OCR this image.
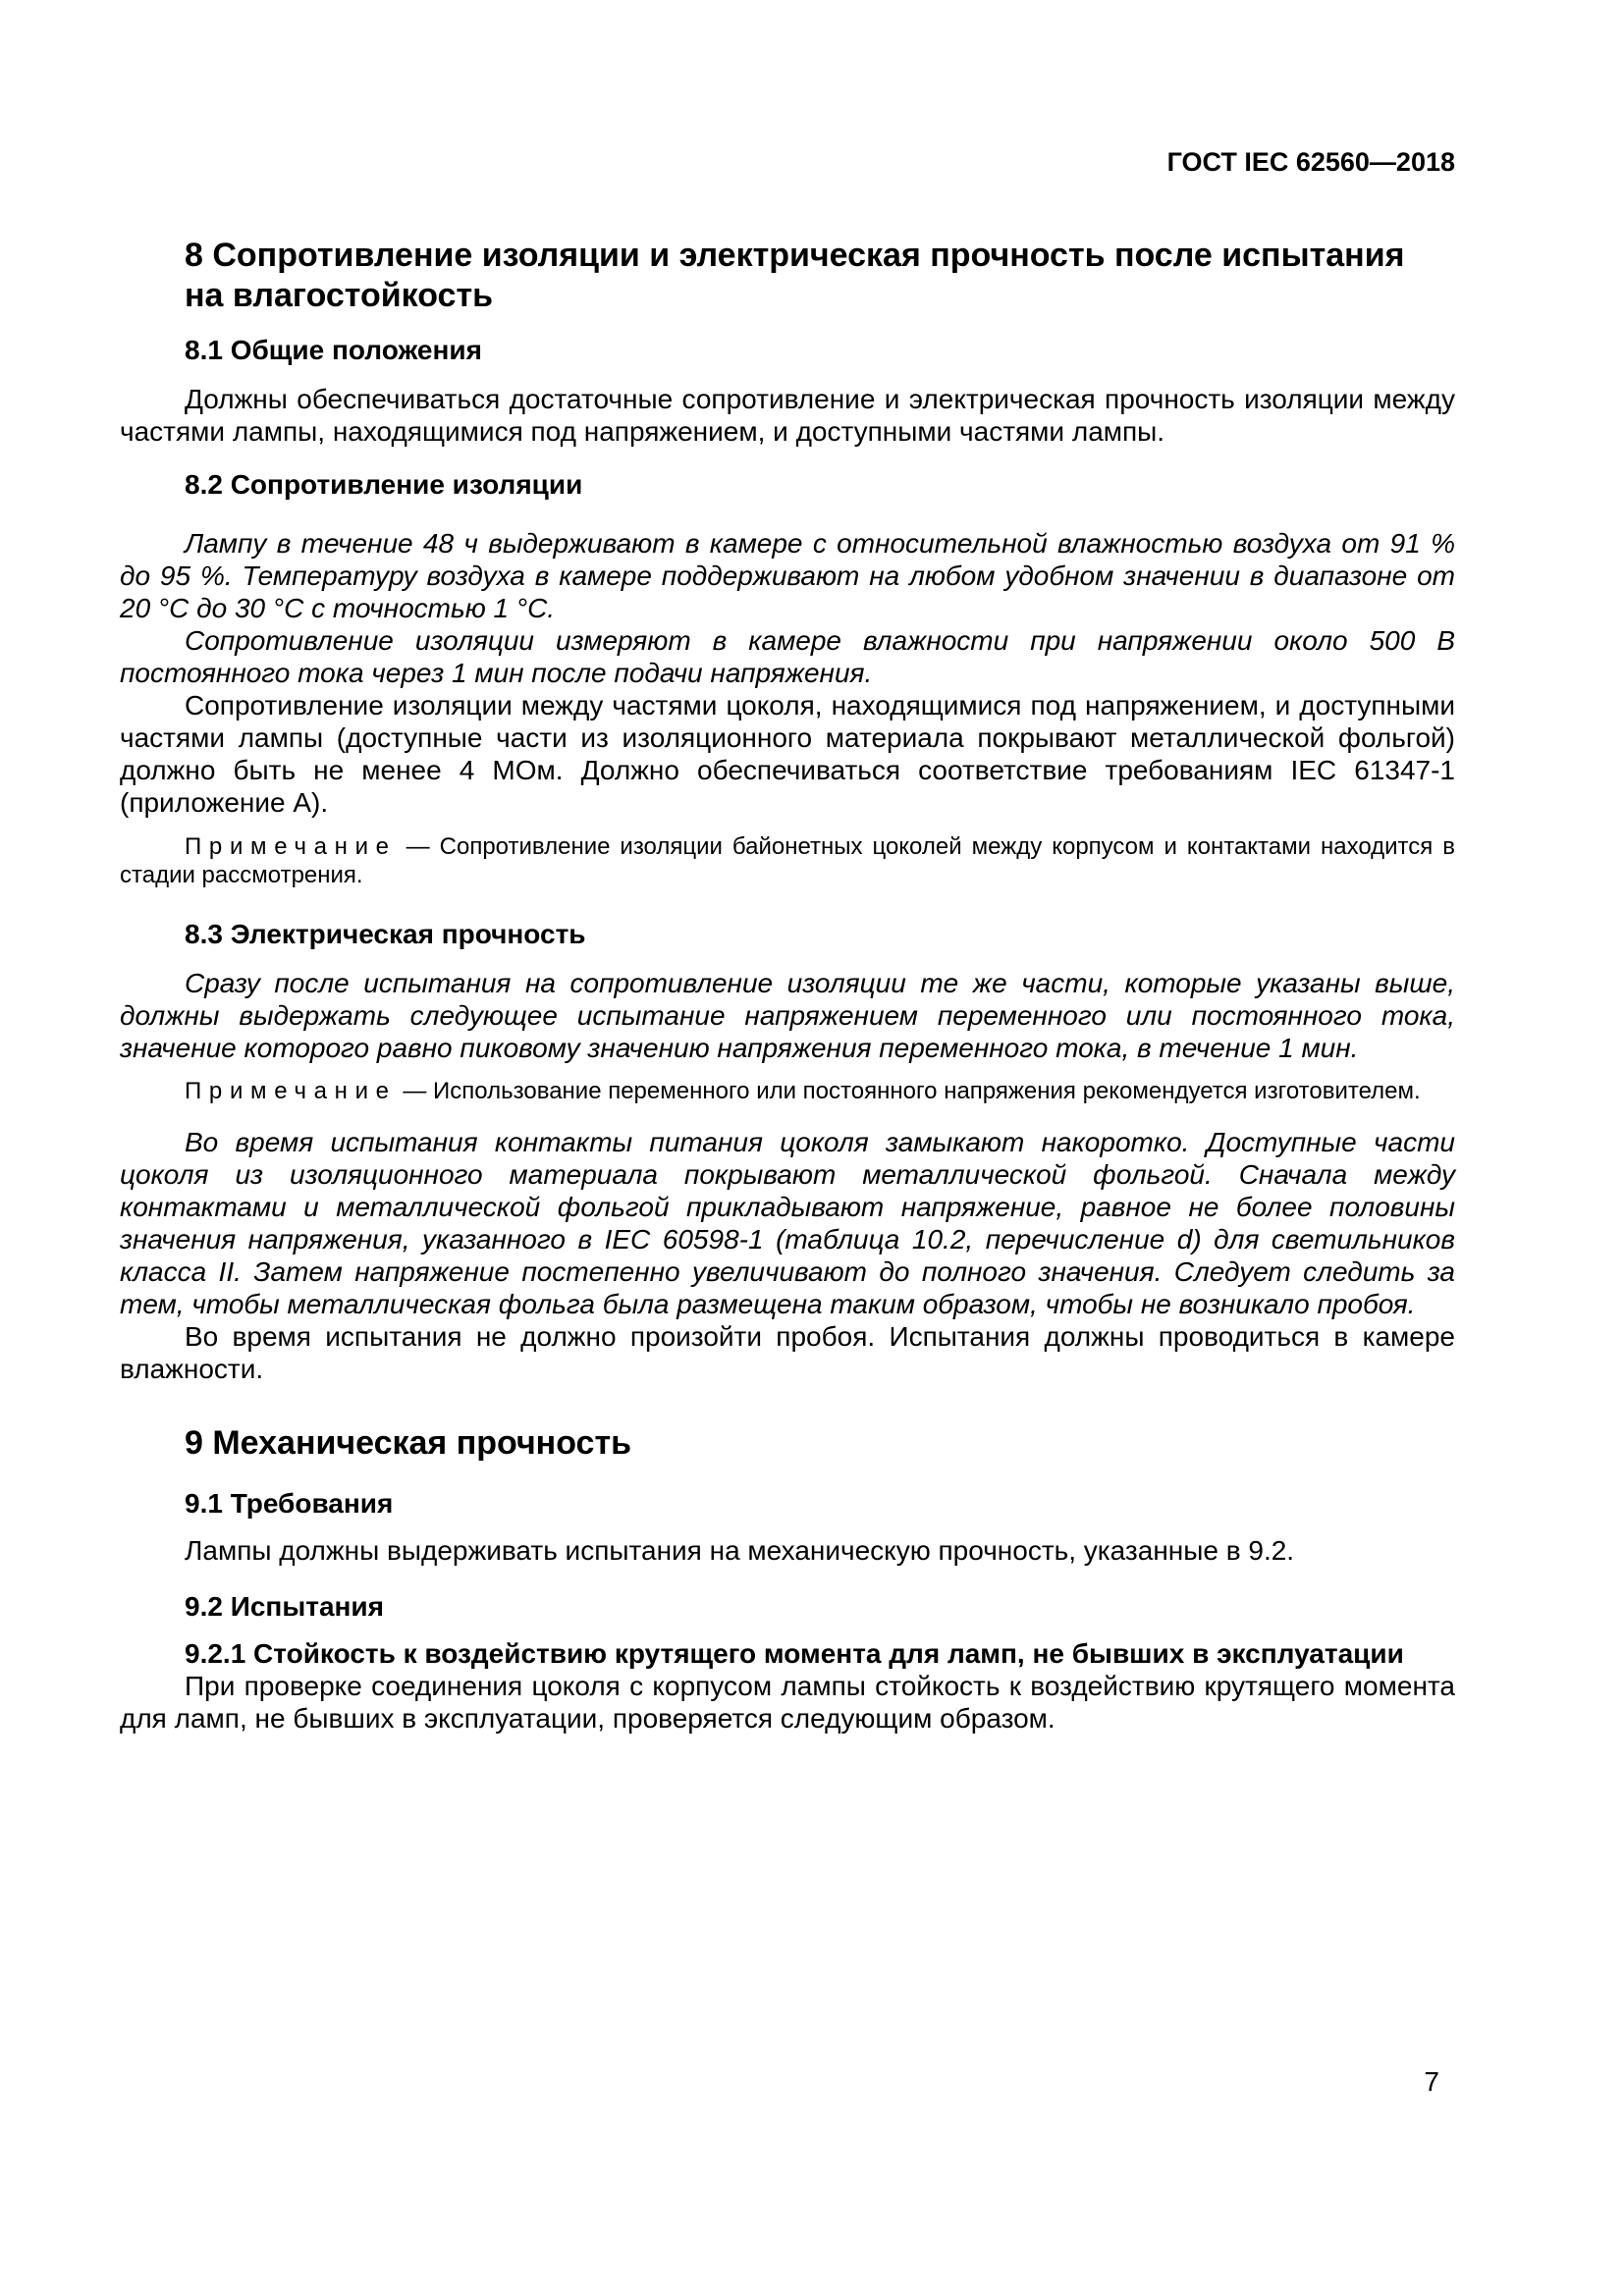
ГОСТ IEC 62560—2018
8 Сопротивление изоляции и электрическая прочность после испытания на влагостойкость
8.1 Общие положения

Должны обеспечиваться достаточные сопротивление и электрическая прочность изоляции между частями лампы, находящимися под напряжением, и доступными частями лампы.

8.2 Сопротивление изоляции

Лампу в течение 48 ч выдерживают в камере с относительной влажностью воздуха от 91 % до 95 %. Температуру воздуха в камере поддерживают на любом удобном значении в диапазоне от 20 °С до 30 °С с точностью 1 °С.

Сопротивление изоляции измеряют в камере влажности при напряжении около 500 В постоянного тока через 1 мин после подачи напряжения.

Сопротивление изоляции между частями цоколя, находящимися под напряжением, и доступными частями лампы (доступные части из изоляционного материала покрывают металлической фольгой) должно быть не менее 4 МОм. Должно обеспечиваться соответствие требованиям IEC 61347-1 (приложение А).

Примечание — Сопротивление изоляции байонетных цоколей между корпусом и контактами находится в стадии рассмотрения.

8.3 Электрическая прочность

Сразу после испытания на сопротивление изоляции те же части, которые указаны выше, должны выдержать следующее испытание напряжением переменного или постоянного тока, значение которого равно пиковому значению напряжения переменного тока, в течение 1 мин.

Примечание — Использование переменного или постоянного напряжения рекомендуется изготовителем.

Во время испытания контакты питания цоколя замыкают накоротко. Доступные части цоколя из изоляционного материала покрывают металлической фольгой. Сначала между контактами и металлической фольгой прикладывают напряжение, равное не более половины значения напряжения, указанного в IEC 60598-1 (таблица 10.2, перечисление d) для светильников класса II. Затем напряжение постепенно увеличивают до полного значения. Следует следить за тем, чтобы металлическая фольга была размещена таким образом, чтобы не возникало пробоя.

Во время испытания не должно произойти пробоя. Испытания должны проводиться в камере влажности.

9 Механическая прочность
9.1 Требования

Лампы должны выдерживать испытания на механическую прочность, указанные в 9.2.

9.2 Испытания

9.2.1 Стойкость к воздействию крутящего момента для ламп, не бывших в эксплуатации

При проверке соединения цоколя с корпусом лампы стойкость к воздействию крутящего момента для ламп, не бывших в эксплуатации, проверяется следующим образом.

7
